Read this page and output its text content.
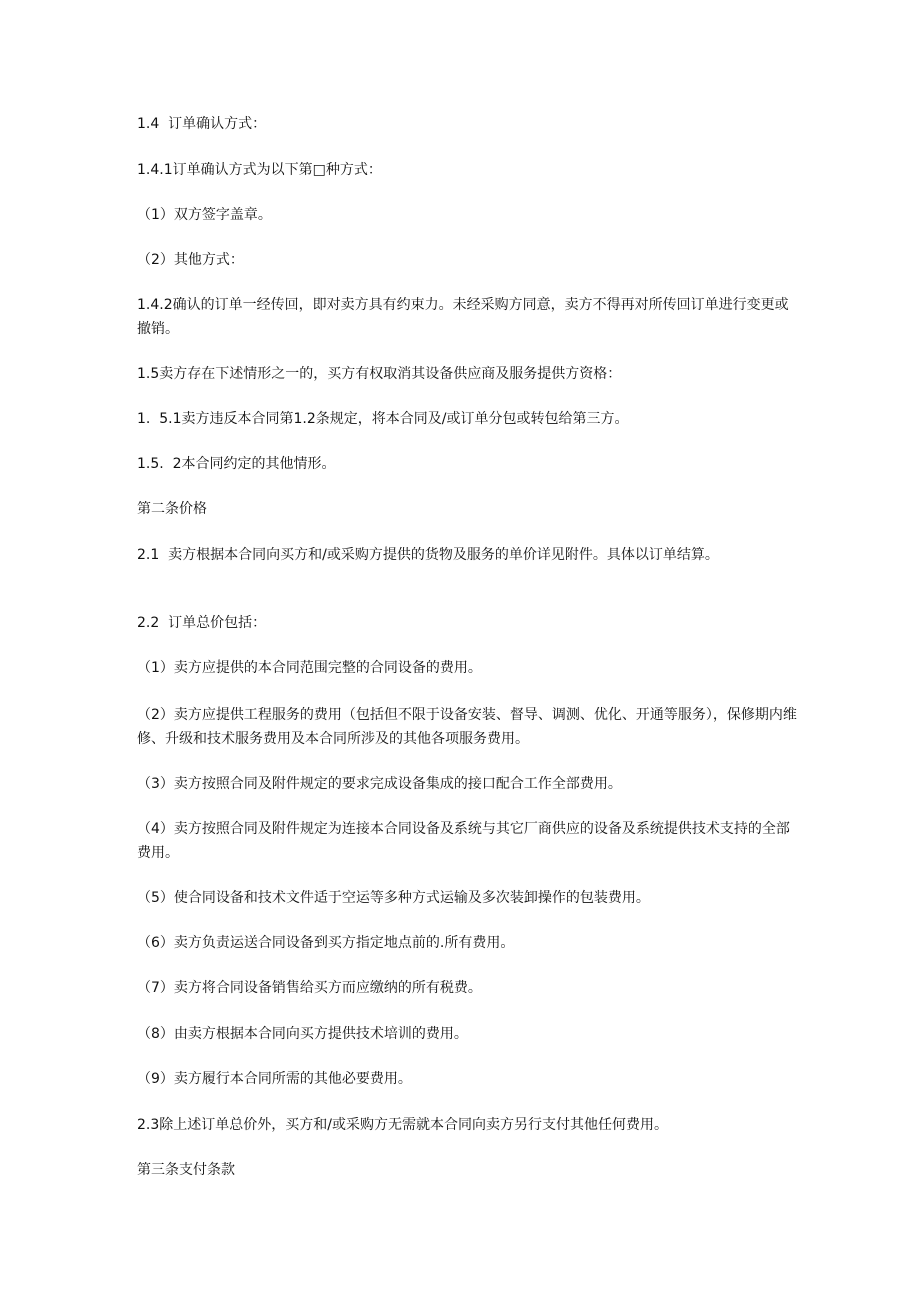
1.4  订单确认方式：

1.4.1订单确认方式为以下第□种方式：

（1）双方签字盖章。

（2）其他方式：

1.4.2确认的订单一经传回，即对卖方具有约束力。未经采购方同意，卖方不得再对所传回订单进行变更或撤销。

1.5卖方存在下述情形之一的，买方有权取消其设备供应商及服务提供方资格：

1.  5.1卖方违反本合同第1.2条规定，将本合同及/或订单分包或转包给第三方。

1.5.  2本合同约定的其他情形。

第二条价格

2.1  卖方根据本合同向买方和/或采购方提供的货物及服务的单价详见附件。具体以订单结算。

2.2  订单总价包括：

（1）卖方应提供的本合同范围完整的合同设备的费用。

（2）卖方应提供工程服务的费用（包括但不限于设备安装、督导、调测、优化、开通等服务），保修期内维修、升级和技术服务费用及本合同所涉及的其他各项服务费用。

（3）卖方按照合同及附件规定的要求完成设备集成的接口配合工作全部费用。

（4）卖方按照合同及附件规定为连接本合同设备及系统与其它厂商供应的设备及系统提供技术支持的全部费用。

（5）使合同设备和技术文件适于空运等多种方式运输及多次装卸操作的包装费用。

（6）卖方负责运送合同设备到买方指定地点前的.所有费用。

（7）卖方将合同设备销售给买方而应缴纳的所有税费。

（8）由卖方根据本合同向买方提供技术培训的费用。

（9）卖方履行本合同所需的其他必要费用。

2.3除上述订单总价外，买方和/或采购方无需就本合同向卖方另行支付其他任何费用。

第三条支付条款
